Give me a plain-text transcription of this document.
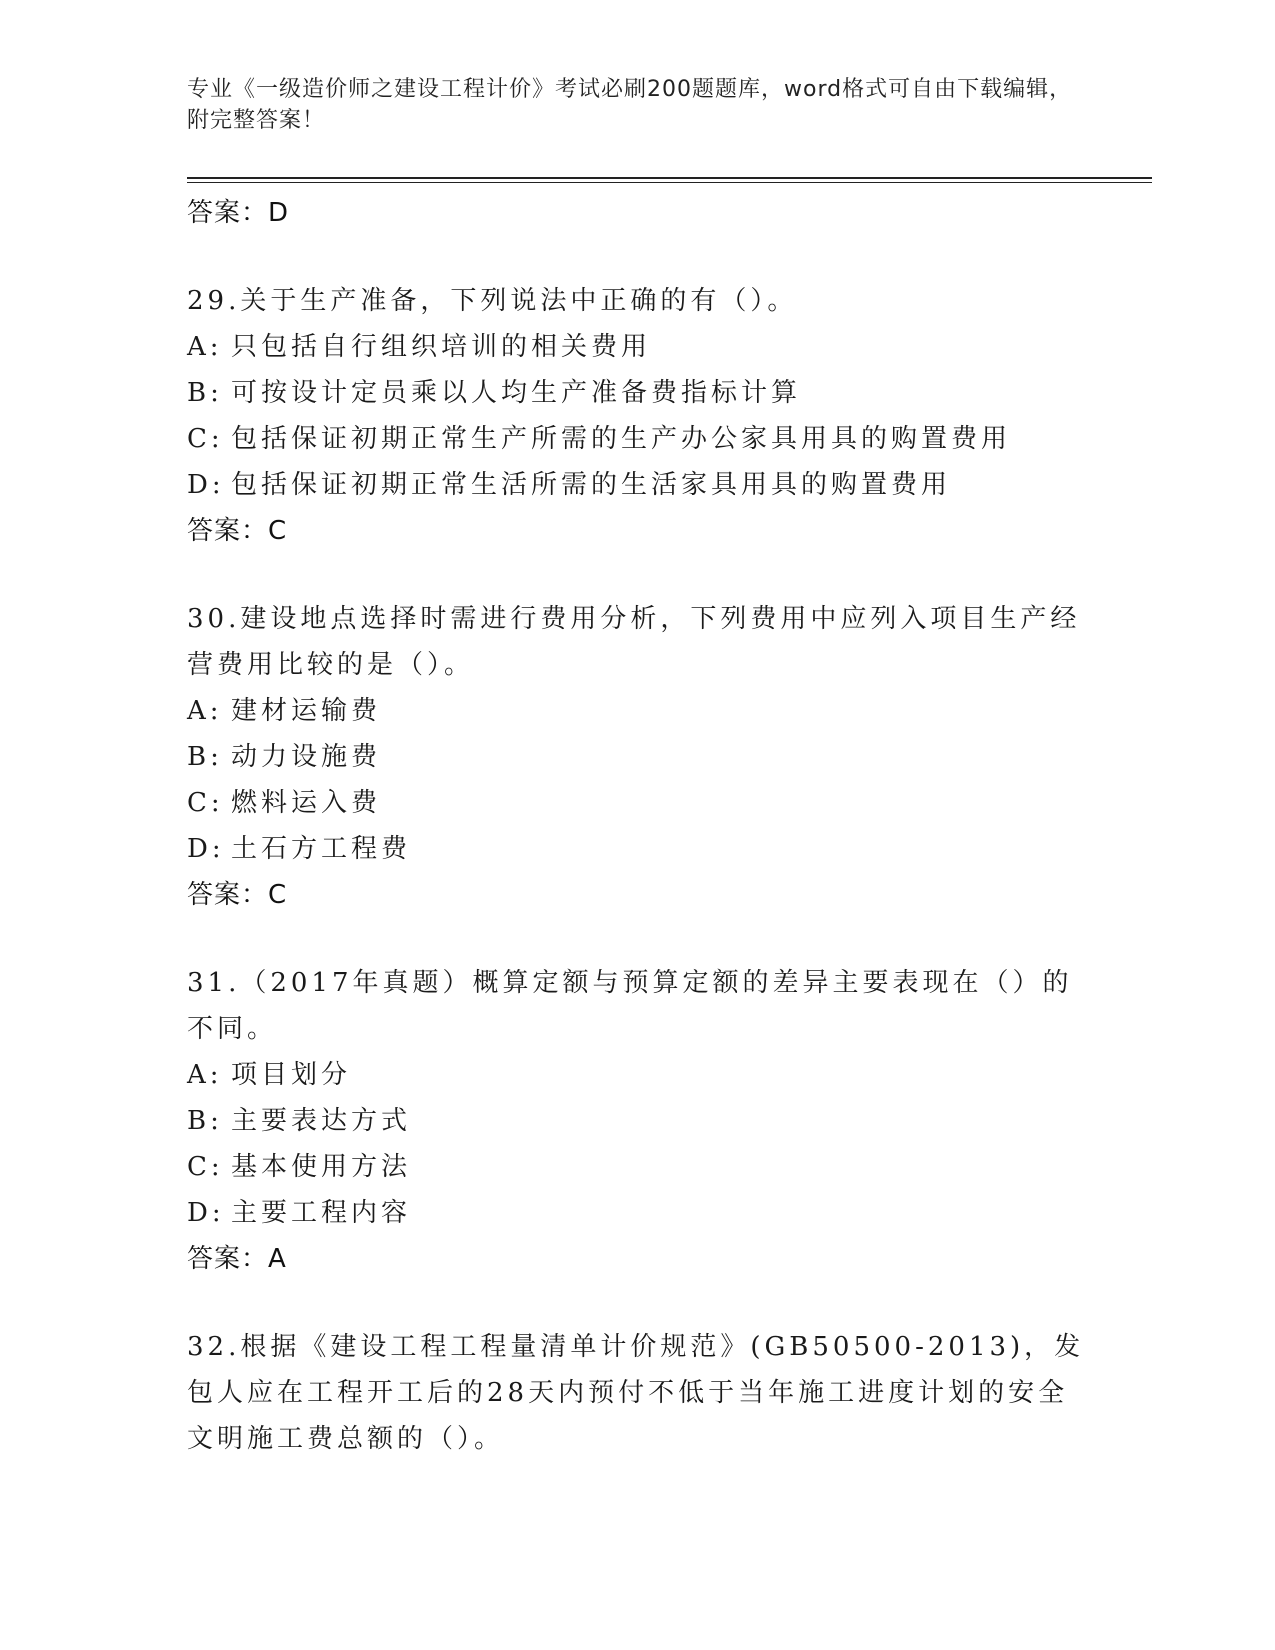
专业《一级造价师之建设工程计价》考试必刷200题题库，word格式可自由下载编辑，附完整答案！
答案：D
29.关于生产准备，下列说法中正确的有（）。
A: 只包括自行组织培训的相关费用
B: 可按设计定员乘以人均生产准备费指标计算
C: 包括保证初期正常生产所需的生产办公家具用具的购置费用
D: 包括保证初期正常生活所需的生活家具用具的购置费用
答案：C
30.建设地点选择时需进行费用分析，下列费用中应列入项目生产经营费用比较的是（）。
A: 建材运输费
B: 动力设施费
C: 燃料运入费
D: 土石方工程费
答案：C
31.（2017年真题）概算定额与预算定额的差异主要表现在（）的不同。
A: 项目划分
B: 主要表达方式
C: 基本使用方法
D: 主要工程内容
答案：A
32.根据《建设工程工程量清单计价规范》(GB50500-2013)，发包人应在工程开工后的28天内预付不低于当年施工进度计划的安全文明施工费总额的（）。
